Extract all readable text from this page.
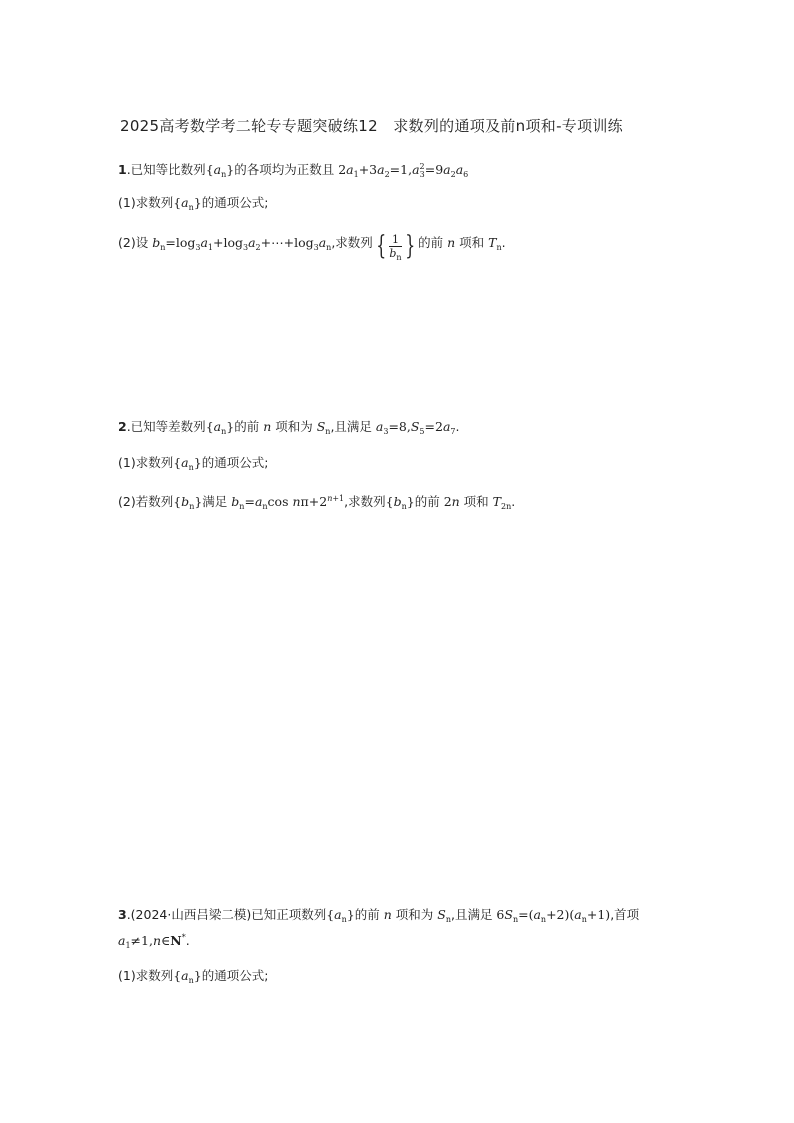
2025高考数学考二轮专专题突破练12　求数列的通项及前n项和-专项训练
1.已知等比数列$\{a_n\}$的各项均为正数且 $2a_1+3a_2=1,a^2_3=9a_2a_6$
(1)求数列$\{a_n\}$的通项公式;
(2)设 $b_n=\log_3a_1+\log_3a_2+\cdots+\log_3a_n$,求数列 { $\frac{1}{b_n}$ } 的前 n 项和 $T_n$.
2.已知等差数列$\{a_n\}$的前 n 项和为 $S_n$,且满足 $a_3=8,S_5=2a_7$.
(1)求数列$\{a_n\}$的通项公式;
(2)若数列$\{b_n\}$满足 $b_n=a_n\cos$ $n\pi+2^{n+1}$,求数列$\{b_n\}$的前 2n 项和 $T_{2n}$.
3.(2024·山西吕梁二模)已知正项数列$\{a_n\}$的前 n 项和为 $S_n$,且满足 $6S_n=(a_n+2)(a_n+1)$,首项
$a_1\ne 1,n\in N^*$.
(1)求数列$\{a_n\}$的通项公式;
